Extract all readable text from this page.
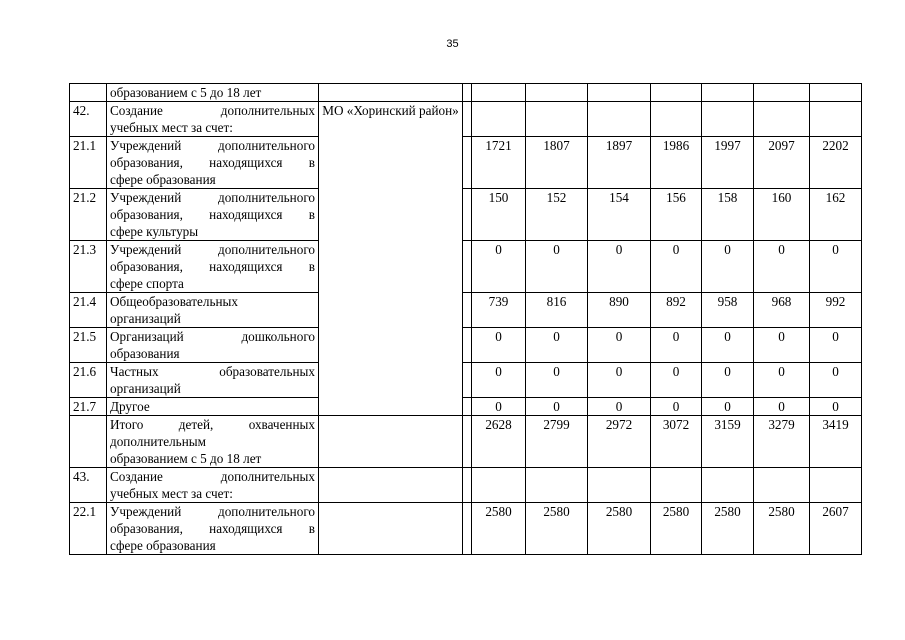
35

	образованием с 5 до 18 лет									

42.	Создание дополнительных
учебных мест за счет:	МО «Хоринский район»								
21.1	Учреждений дополнительного
образования, находящихся в
сфере образования			1721	1807	1897	1986	1997	2097	2202
21.2	Учреждений дополнительного
образования, находящихся в
сфере культуры			150	152	154	156	158	160	162
21.3	Учреждений дополнительного
образования, находящихся в
сфере спорта			0	0	0	0	0	0	0
21.4	Общеобразовательных
организаций			739	816	890	892	958	968	992
21.5	Организаций дошкольного
образования			0	0	0	0	0	0	0
21.6	Частных образовательных
организаций			0	0	0	0	0	0	0
21.7	Другое			0	0	0	0	0	0	0

	Итого детей, охваченных
дополнительным
образованием с 5 до 18 лет			2628	2799	2972	3072	3159	3279	3419
43.	Создание дополнительных
учебных мест за счет:									

22.1	Учреждений дополнительного
образования, находящихся в
сфере образования			2580	2580	2580	2580	2580	2580	2607
